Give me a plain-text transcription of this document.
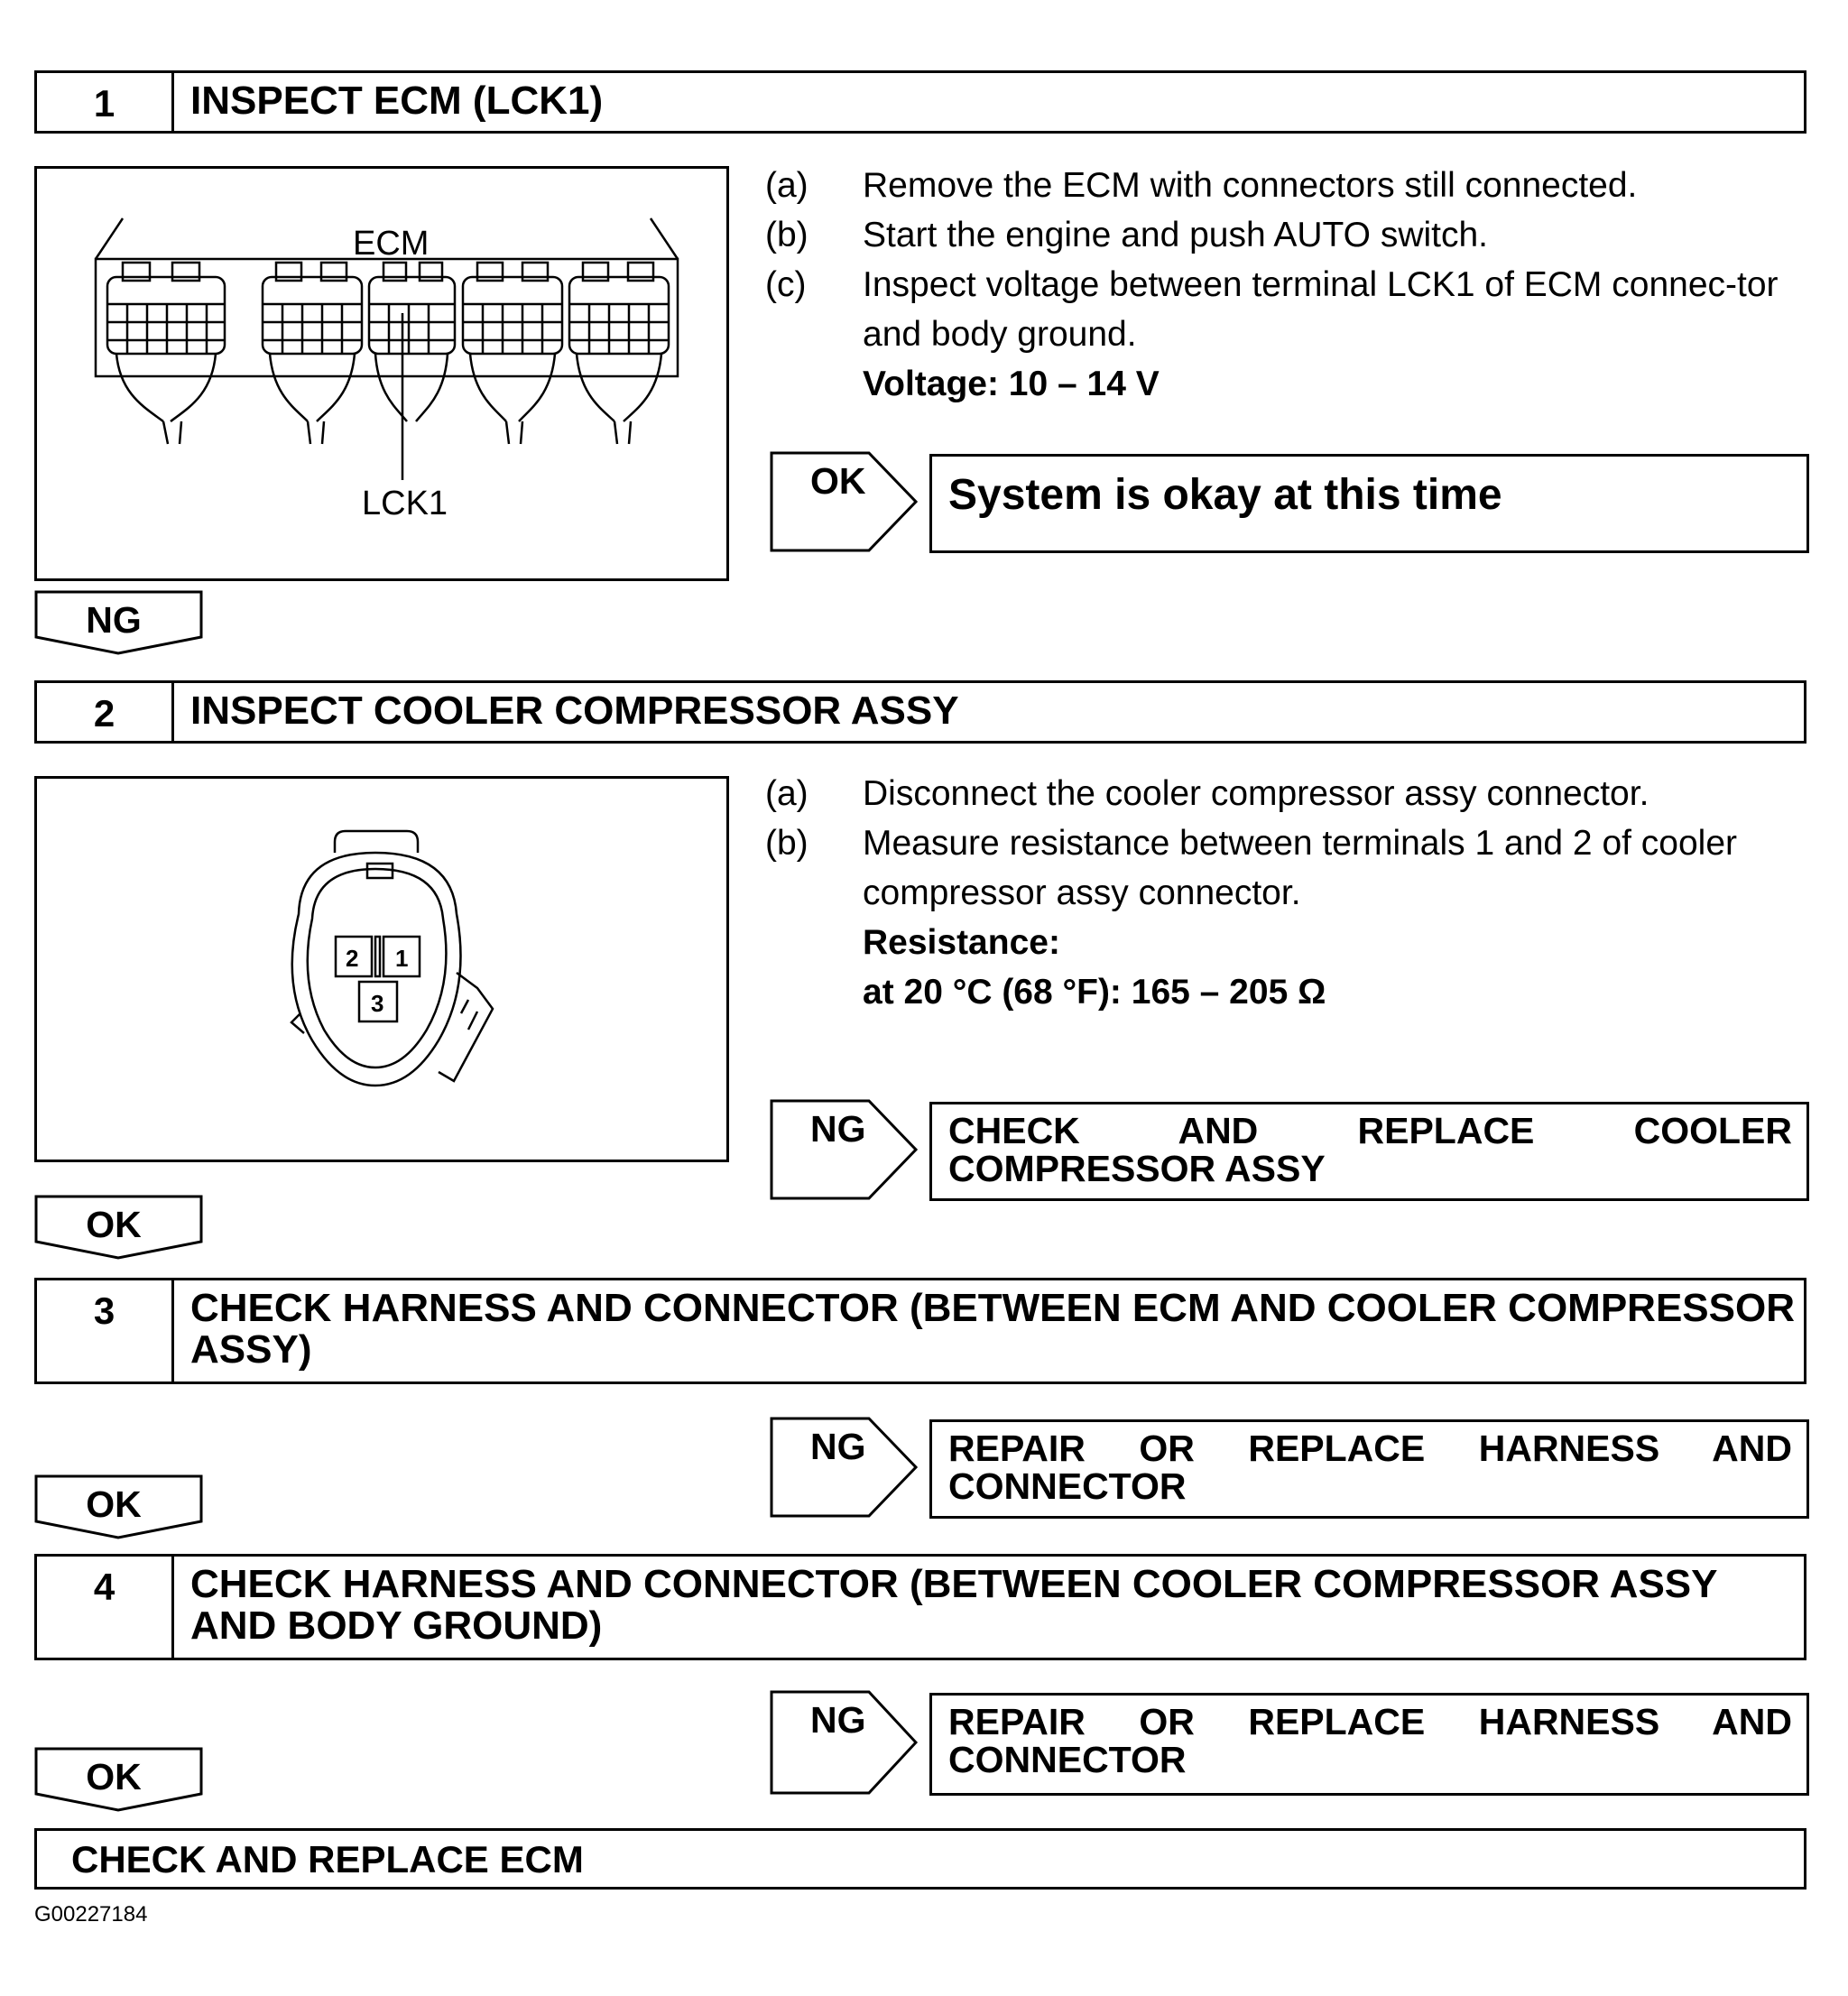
1	INSPECT ECM (LCK1)
ECM
LCK1
(a)	Remove the ECM with connectors still connected.
(b)	Start the engine and push AUTO switch.
(c)	Inspect voltage between terminal LCK1 of ECM connec-tor and body ground.
Voltage: 10 – 14 V
OK System is okay at this time
NG
2	INSPECT COOLER COMPRESSOR ASSY
2 1
3
(a)	Disconnect the cooler compressor assy connector.
(b)	Measure resistance between terminals 1 and 2 of cooler compressor assy connector.
Resistance:
at 20 °C (68 °F): 165 – 205 Ω
NG CHECK AND REPLACE COOLER COMPRESSOR ASSY
OK
3	CHECK HARNESS AND CONNECTOR (BETWEEN ECM AND COOLER COMPRESSOR ASSY)
NG REPAIR OR REPLACE HARNESS AND CONNECTOR
OK
4	CHECK HARNESS AND CONNECTOR (BETWEEN COOLER COMPRESSOR ASSY AND BODY GROUND)
NG REPAIR OR REPLACE HARNESS AND CONNECTOR
OK
CHECK AND REPLACE ECM
G00227184
